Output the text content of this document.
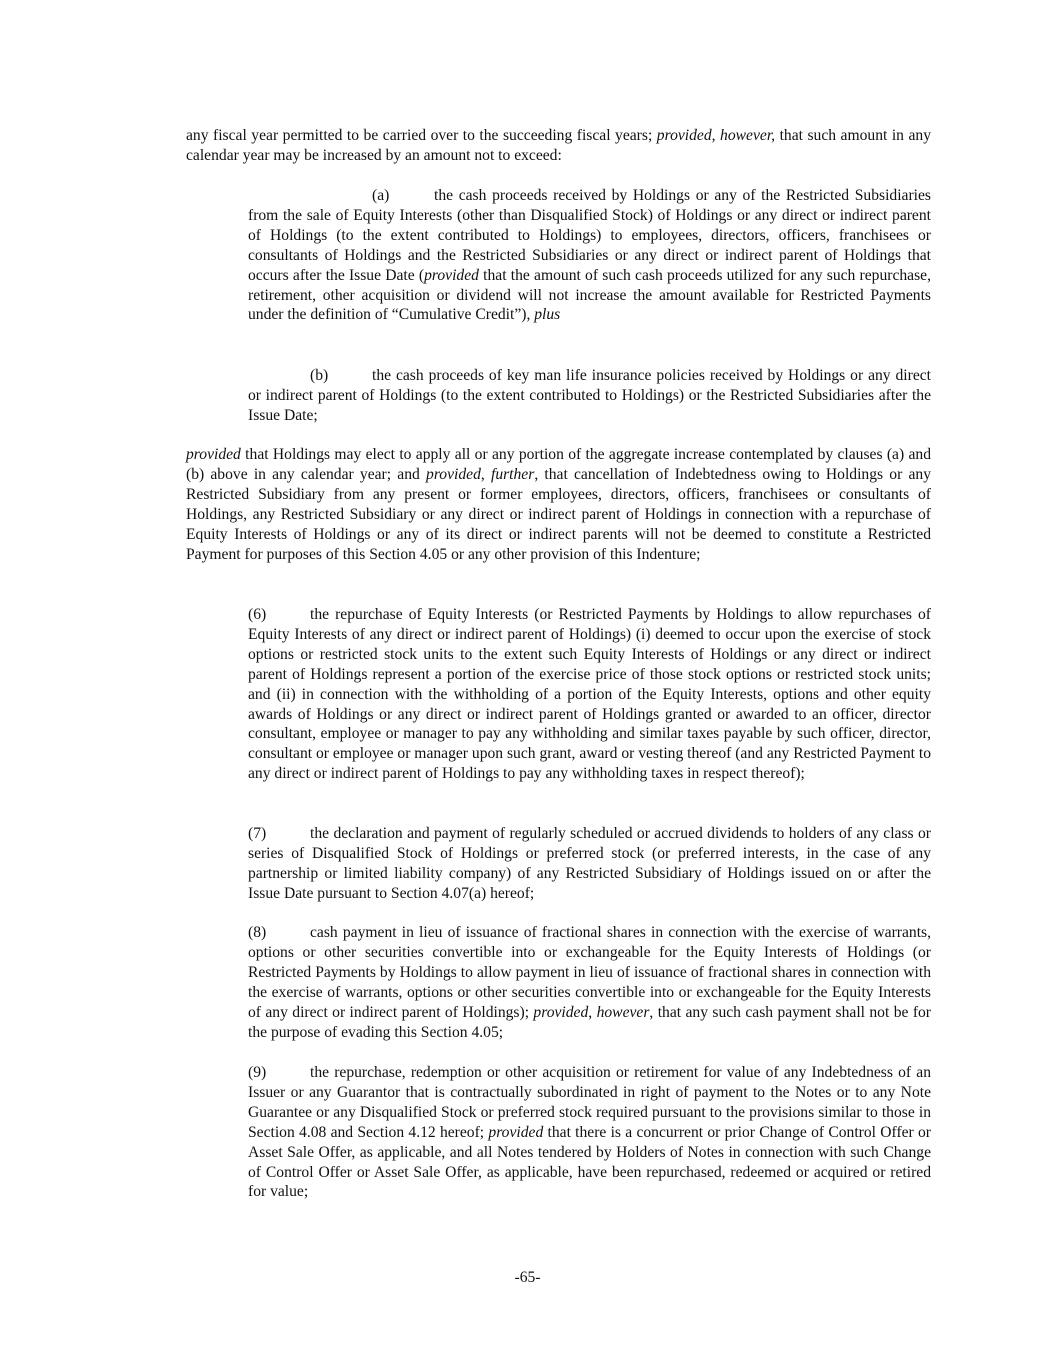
any fiscal year permitted to be carried over to the succeeding fiscal years; provided, however, that such amount in any calendar year may be increased by an amount not to exceed:

(a)	the cash proceeds received by Holdings or any of the Restricted Subsidiaries from the sale of Equity Interests (other than Disqualified Stock) of Holdings or any direct or indirect parent of Holdings (to the extent contributed to Holdings) to employees, directors, officers, franchisees or consultants of Holdings and the Restricted Subsidiaries or any direct or indirect parent of Holdings that occurs after the Issue Date (provided that the amount of such cash proceeds utilized for any such repurchase, retirement, other acquisition or dividend will not increase the amount available for Restricted Payments under the definition of “Cumulative Credit”), plus

(b)	the cash proceeds of key man life insurance policies received by Holdings or any direct or indirect parent of Holdings (to the extent contributed to Holdings) or the Restricted Subsidiaries after the Issue Date;

provided that Holdings may elect to apply all or any portion of the aggregate increase contemplated by clauses (a) and (b) above in any calendar year; and provided, further, that cancellation of Indebtedness owing to Holdings or any Restricted Subsidiary from any present or former employees, directors, officers, franchisees or consultants of Holdings, any Restricted Subsidiary or any direct or indirect parent of Holdings in connection with a repurchase of Equity Interests of Holdings or any of its direct or indirect parents will not be deemed to constitute a Restricted Payment for purposes of this Section 4.05 or any other provision of this Indenture;

(6)	the repurchase of Equity Interests (or Restricted Payments by Holdings to allow repurchases of Equity Interests of any direct or indirect parent of Holdings) (i) deemed to occur upon the exercise of stock options or restricted stock units to the extent such Equity Interests of Holdings or any direct or indirect parent of Holdings represent a portion of the exercise price of those stock options or restricted stock units; and (ii) in connection with the withholding of a portion of the Equity Interests, options and other equity awards of Holdings or any direct or indirect parent of Holdings granted or awarded to an officer, director consultant, employee or manager to pay any withholding and similar taxes payable by such officer, director, consultant or employee or manager upon such grant, award or vesting thereof (and any Restricted Payment to any direct or indirect parent of Holdings to pay any withholding taxes in respect thereof);

(7)	the declaration and payment of regularly scheduled or accrued dividends to holders of any class or series of Disqualified Stock of Holdings or preferred stock (or preferred interests, in the case of any partnership or limited liability company) of any Restricted Subsidiary of Holdings issued on or after the Issue Date pursuant to Section 4.07(a) hereof;

(8)	cash payment in lieu of issuance of fractional shares in connection with the exercise of warrants, options or other securities convertible into or exchangeable for the Equity Interests of Holdings (or Restricted Payments by Holdings to allow payment in lieu of issuance of fractional shares in connection with the exercise of warrants, options or other securities convertible into or exchangeable for the Equity Interests of any direct or indirect parent of Holdings); provided, however, that any such cash payment shall not be for the purpose of evading this Section 4.05;

(9)	the repurchase, redemption or other acquisition or retirement for value of any Indebtedness of an Issuer or any Guarantor that is contractually subordinated in right of payment to the Notes or to any Note Guarantee or any Disqualified Stock or preferred stock required pursuant to the provisions similar to those in Section 4.08 and Section 4.12 hereof; provided that there is a concurrent or prior Change of Control Offer or Asset Sale Offer, as applicable, and all Notes tendered by Holders of Notes in connection with such Change of Control Offer or Asset Sale Offer, as applicable, have been repurchased, redeemed or acquired or retired for value;

-65-
